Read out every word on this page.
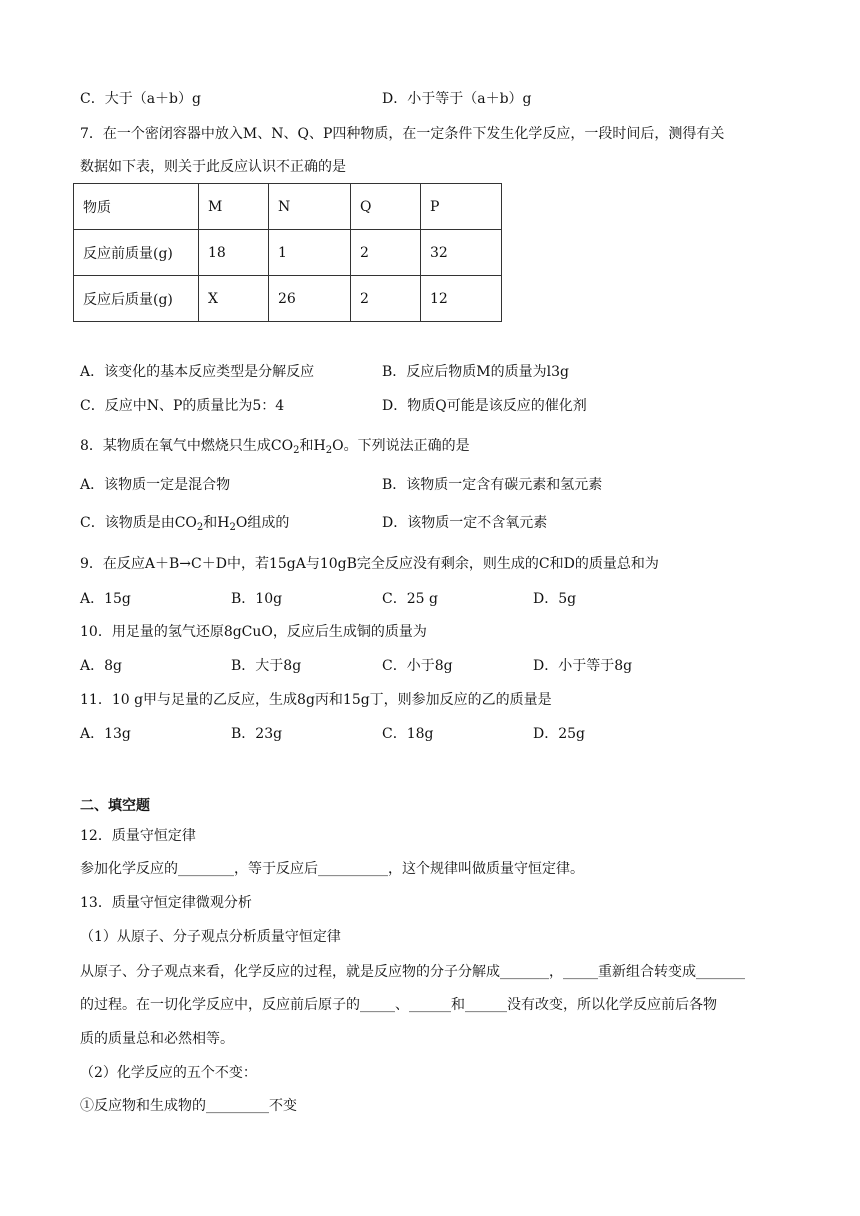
C．大于（a＋b）g	D．小于等于（a＋b）g
7．在一个密闭容器中放入M、N、Q、P四种物质，在一定条件下发生化学反应，一段时间后，测得有关
数据如下表，则关于此反应认识不正确的是
物质	M	N	Q	P
反应前质量(g)	18	1	2	32
反应后质量(g)	X	26	2	12
A．该变化的基本反应类型是分解反应	B．反应后物质M的质量为l3g
C．反应中N、P的质量比为5：4	D．物质Q可能是该反应的催化剂
8．某物质在氧气中燃烧只生成$CO_2$和$H_2O$。下列说法正确的是
A．该物质一定是混合物	B．该物质一定含有碳元素和氢元素
C．该物质是由$CO_2$和$H_2O$组成的	D．该物质一定不含氧元素
9．在反应A＋B→C＋D中，若15gA与10gB完全反应没有剩余，则生成的C和D的质量总和为
A．15g	B．10g	C．25 g	D．5g
10．用足量的氢气还原8gCuO，反应后生成铜的质量为
A．8g	B．大于8g	C．小于8g	D．小于等于8g
11．10 g甲与足量的乙反应，生成8g丙和15g丁，则参加反应的乙的质量是
A．13g	B．23g	C．18g	D．25g
二、填空题
12．质量守恒定律
参加化学反应的________，等于反应后__________，这个规律叫做质量守恒定律。
13．质量守恒定律微观分析
（1）从原子、分子观点分析质量守恒定律
从原子、分子观点来看，化学反应的过程，就是反应物的分子分解成_______，_____重新组合转变成_______
的过程。在一切化学反应中，反应前后原子的_____、______和______没有改变，所以化学反应前后各物
质的质量总和必然相等。
（2）化学反应的五个不变：
①反应物和生成物的_________不变
